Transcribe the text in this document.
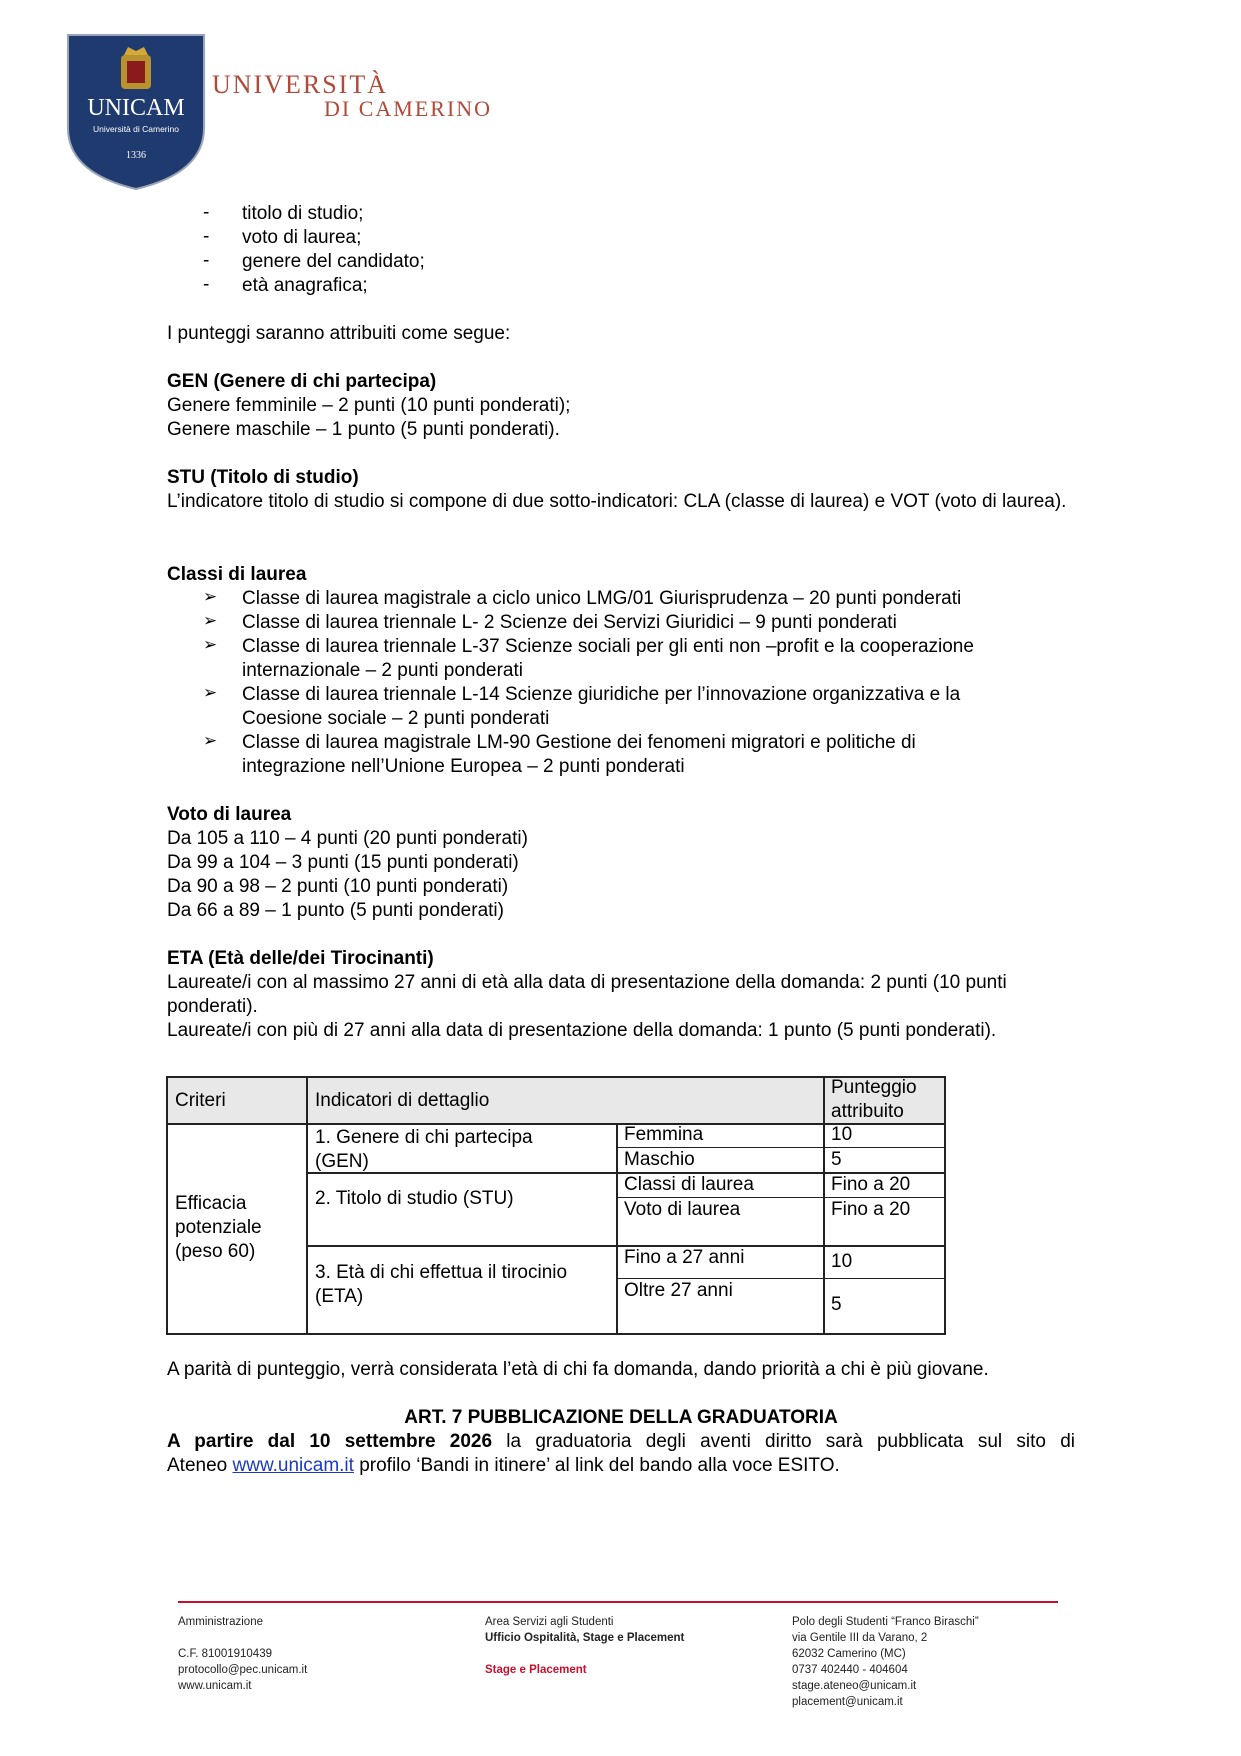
UNICAM
Università di Camerino
1336
UNIVERSITÀ
DI CAMERINO
- titolo di studio;
- voto di laurea;
- genere del candidato;
- età anagrafica;
I punteggi saranno attribuiti come segue:
GEN (Genere di chi partecipa)
Genere femminile – 2 punti (10 punti ponderati);
Genere maschile – 1 punto (5 punti ponderati).
STU (Titolo di studio)
L’indicatore titolo di studio si compone di due sotto-indicatori: CLA (classe di laurea) e VOT (voto di laurea).
Classi di laurea
➢ Classe di laurea magistrale a ciclo unico LMG/01 Giurisprudenza – 20 punti ponderati
➢ Classe di laurea triennale L- 2 Scienze dei Servizi Giuridici – 9 punti ponderati
➢ Classe di laurea triennale L-37 Scienze sociali per gli enti non –profit e la cooperazione
internazionale – 2 punti ponderati
➢ Classe di laurea triennale L-14 Scienze giuridiche per l’innovazione organizzativa e la
Coesione sociale – 2 punti ponderati
➢ Classe di laurea magistrale LM-90 Gestione dei fenomeni migratori e politiche di
integrazione nell’Unione Europea – 2 punti ponderati
Voto di laurea
Da 105 a 110 – 4 punti (20 punti ponderati)
Da 99 a 104 – 3 punti (15 punti ponderati)
Da 90 a 98 – 2 punti (10 punti ponderati)
Da 66 a 89 – 1 punto (5 punti ponderati)
ETA (Età delle/dei Tirocinanti)
Laureate/i con al massimo 27 anni di età alla data di presentazione della domanda: 2 punti (10 punti ponderati).
Laureate/i con più di 27 anni alla data di presentazione della domanda: 1 punto (5 punti ponderati).
Criteri	Indicatori di dettaglio
Punteggio
attribuito
Efficacia
potenziale
(peso 60)
1. Genere di chi partecipa
(GEN)
2. Titolo di studio (STU)
3. Età di chi effettua il tirocinio
(ETA)
Femmina
Maschio
Classi di laurea
Voto di laurea
Fino a 27 anni
Oltre 27 anni
10
5
Fino a 20
Fino a 20
10
5
A parità di punteggio, verrà considerata l’età di chi fa domanda, dando priorità a chi è più giovane.
ART. 7 PUBBLICAZIONE DELLA GRADUATORIA
A partire dal 10 settembre 2026 la graduatoria degli aventi diritto sarà pubblicata sul sito di
Ateneo www.unicam.it profilo ‘Bandi in itinere’ al link del bando alla voce ESITO.
Amministrazione
C.F. 81001910439
protocollo@pec.unicam.it
www.unicam.it
Area Servizi agli Studenti
Ufficio Ospitalità, Stage e Placement
Stage e Placement
Polo degli Studenti “Franco Biraschi”
via Gentile III da Varano, 2
62032 Camerino (MC)
0737 402440 - 404604
stage.ateneo@unicam.it
placement@unicam.it
